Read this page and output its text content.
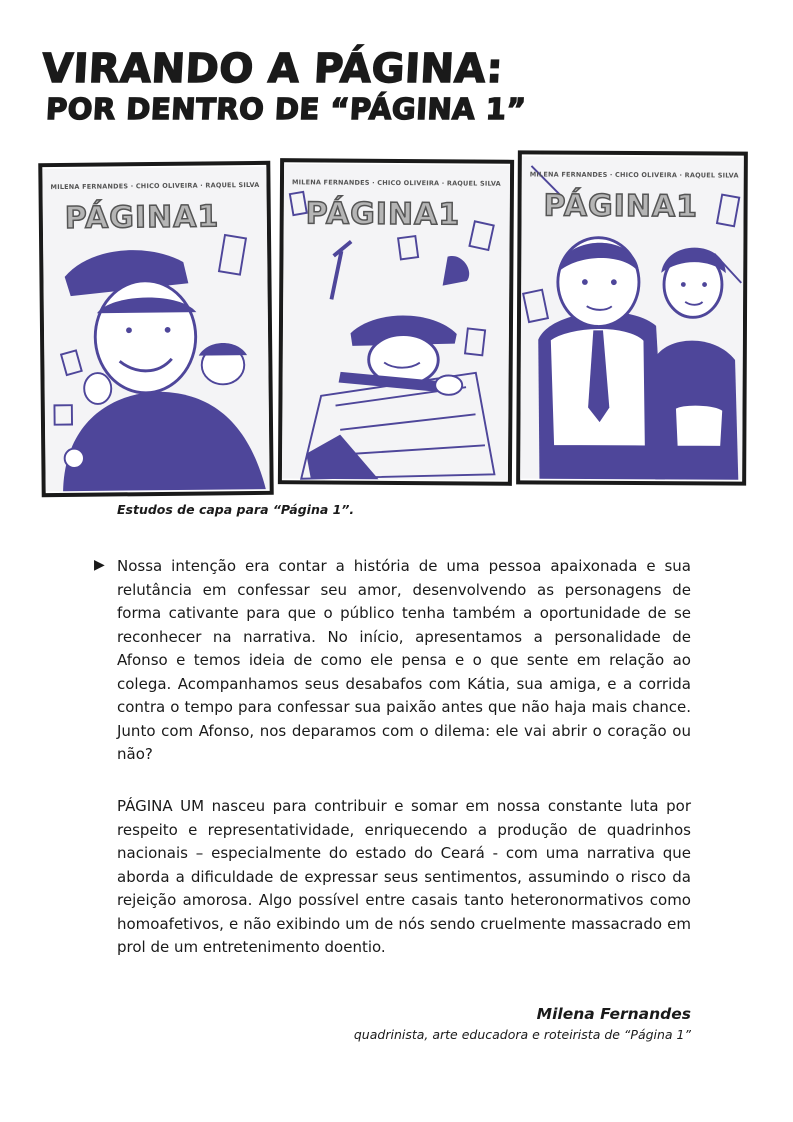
VIRANDO A PÁGINA:
POR DENTRO DE “PÁGINA 1”
MILENA FERNANDES · CHICO OLIVEIRA · RAQUEL SILVA
PÁGINA1
MILENA FERNANDES · CHICO OLIVEIRA · RAQUEL SILVA
PÁGINA1
MILENA FERNANDES · CHICO OLIVEIRA · RAQUEL SILVA
PÁGINA1
Estudos de capa para “Página 1”.
▶ Nossa intenção era contar a história de uma pessoa apaixonada e sua relutância em confessar seu amor, desenvolvendo as personagens de forma cativante para que o público tenha também a oportunidade de se reconhecer na narrativa. No início, apresentamos a personalidade de Afonso e temos ideia de como ele pensa e o que sente em relação ao colega. Acompanhamos seus desabafos com Kátia, sua amiga, e a corrida contra o tempo para confessar sua paixão antes que não haja mais chance. Junto com Afonso, nos deparamos com o dilema: ele vai abrir o coração ou não?

PÁGINA UM nasceu para contribuir e somar em nossa constante luta por respeito e representatividade, enriquecendo a produção de quadrinhos nacionais – especialmente do estado do Ceará - com uma narrativa que aborda a dificuldade de expressar seus sentimentos, assumindo o risco da rejeição amorosa. Algo possível entre casais tanto heteronormativos como homoafetivos, e não exibindo um de nós sendo cruelmente massacrado em prol de um entretenimento doentio.

Milena Fernandes
quadrinista, arte educadora e roteirista de “Página 1”
